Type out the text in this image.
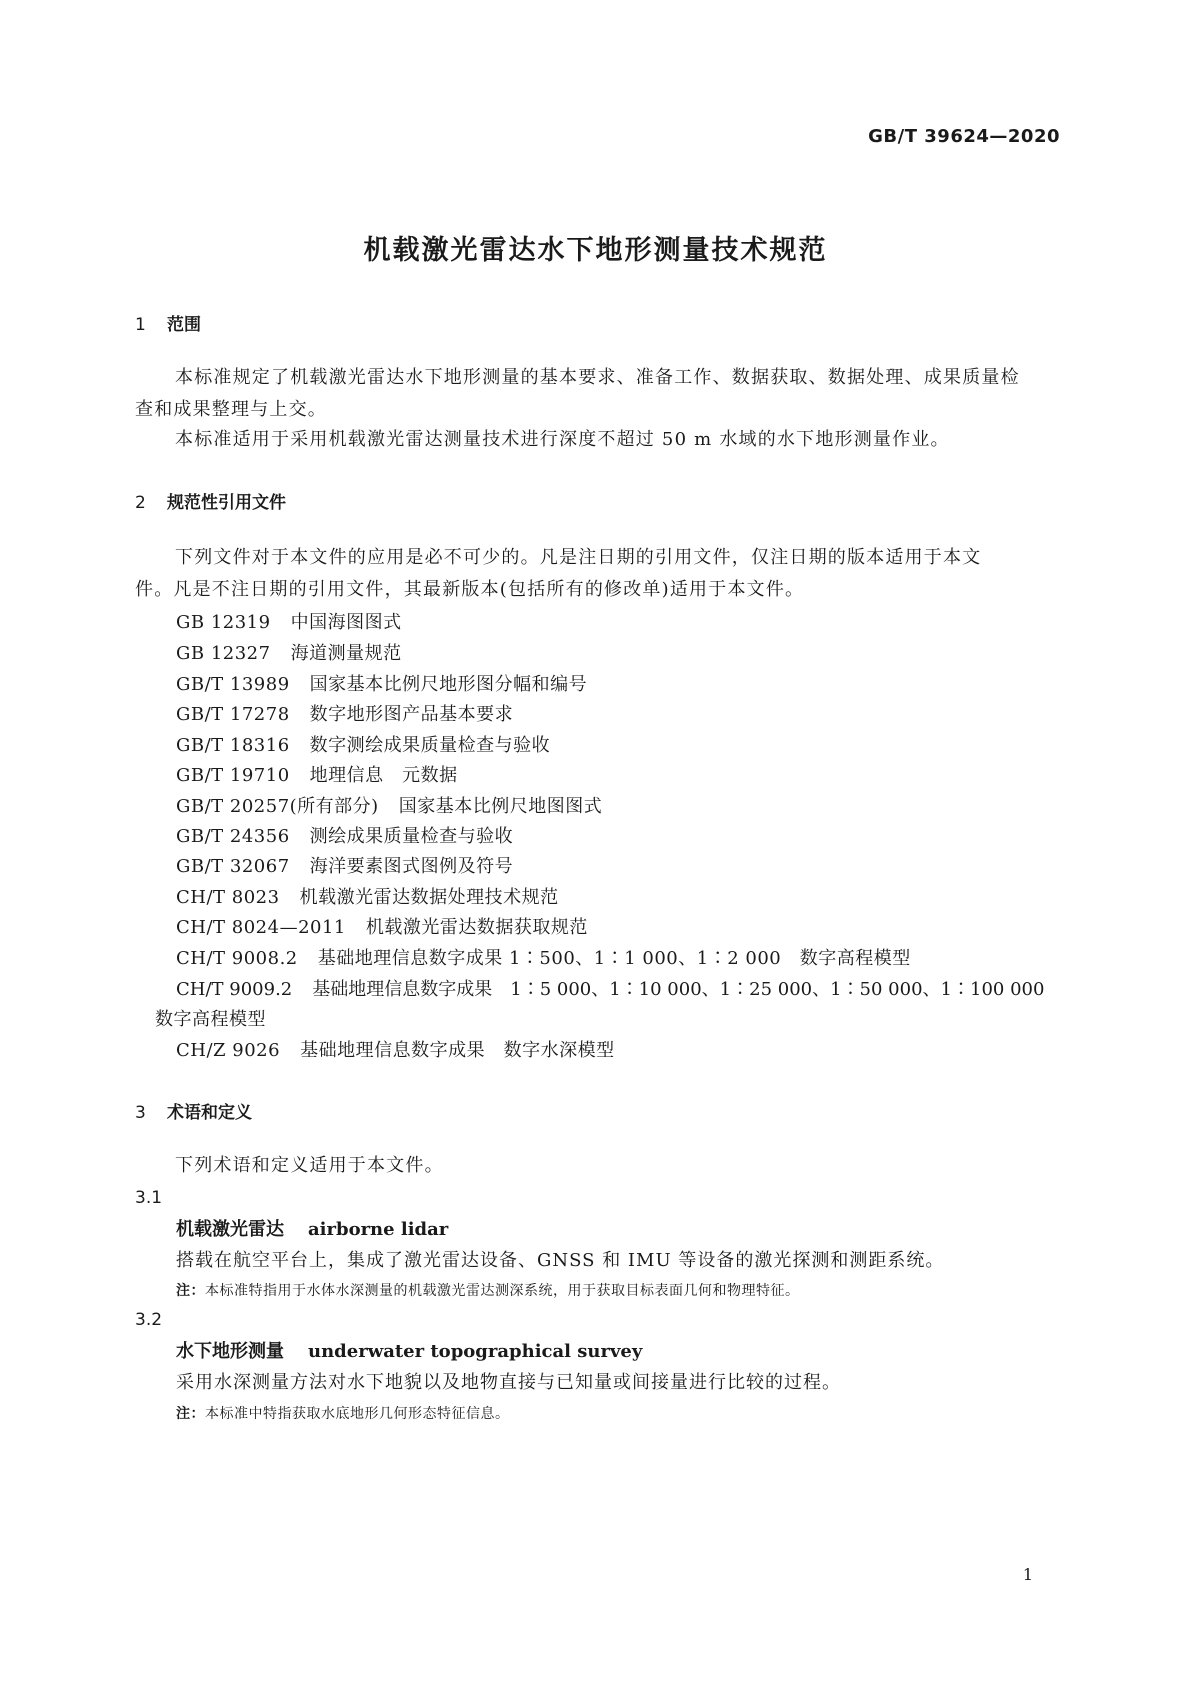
GB/T 39624—2020
机载激光雷达水下地形测量技术规范
1 范围
本标准规定了机载激光雷达水下地形测量的基本要求、准备工作、数据获取、数据处理、成果质量检
查和成果整理与上交。
本标准适用于采用机载激光雷达测量技术进行深度不超过 50 m 水域的水下地形测量作业。
2 规范性引用文件
下列文件对于本文件的应用是必不可少的。凡是注日期的引用文件，仅注日期的版本适用于本文
件。凡是不注日期的引用文件，其最新版本(包括所有的修改单)适用于本文件。
GB 12319 中国海图图式
GB 12327 海道测量规范
GB/T 13989 国家基本比例尺地形图分幅和编号
GB/T 17278 数字地形图产品基本要求
GB/T 18316 数字测绘成果质量检查与验收
GB/T 19710 地理信息　元数据
GB/T 20257(所有部分) 国家基本比例尺地图图式
GB/T 24356 测绘成果质量检查与验收
GB/T 32067 海洋要素图式图例及符号
CH/T 8023 机载激光雷达数据处理技术规范
CH/T 8024—2011 机载激光雷达数据获取规范
CH/T 9008.2 基础地理信息数字成果 1∶500、1∶1 000、1∶2 000　数字高程模型
CH/T 9009.2 基础地理信息数字成果　1∶5 000、1∶10 000、1∶25 000、1∶50 000、1∶100 000
数字高程模型
CH/Z 9026 基础地理信息数字成果　数字水深模型
3 术语和定义
下列术语和定义适用于本文件。
3.1
机载激光雷达 airborne lidar
搭载在航空平台上，集成了激光雷达设备、GNSS 和 IMU 等设备的激光探测和测距系统。
注：本标准特指用于水体水深测量的机载激光雷达测深系统，用于获取目标表面几何和物理特征。
3.2
水下地形测量 underwater topographical survey
采用水深测量方法对水下地貌以及地物直接与已知量或间接量进行比较的过程。
注：本标准中特指获取水底地形几何形态特征信息。
1
